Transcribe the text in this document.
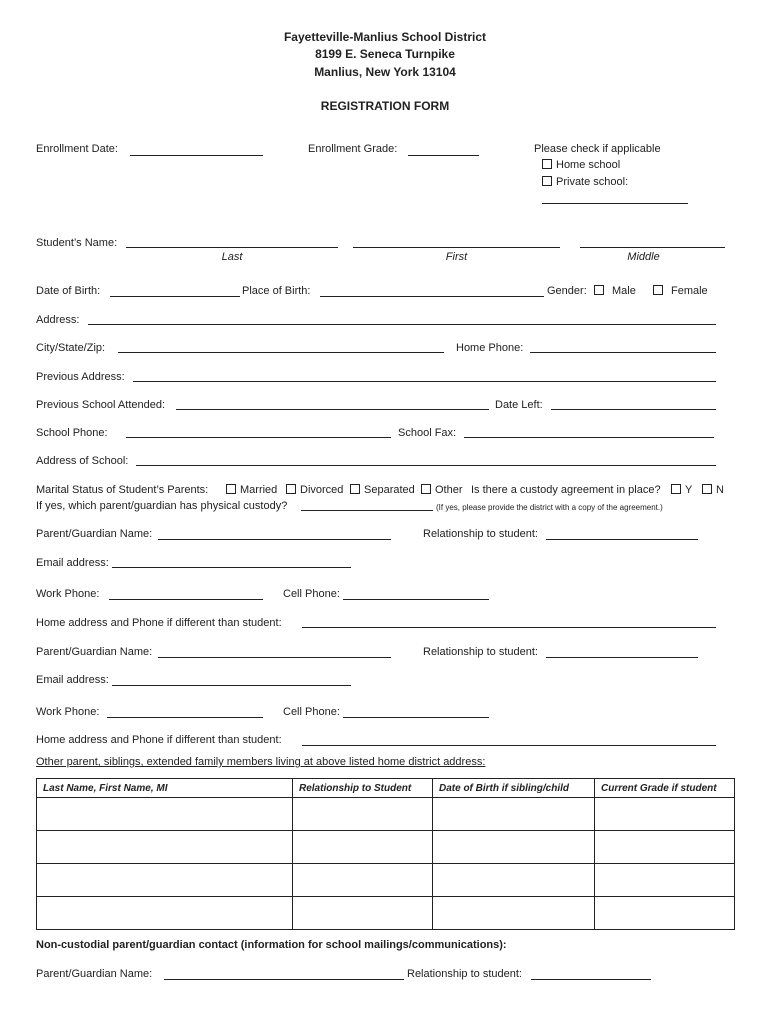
Fayetteville-Manlius School District
8199 E. Seneca Turnpike
Manlius, New York 13104
REGISTRATION FORM
Enrollment Date:	Enrollment Grade:	Please check if applicable
Home school
Private school:
Student’s Name:
Last	First	Middle
Date of Birth:	Place of Birth:	Gender:	Male	Female
Address:
City/State/Zip:	Home Phone:
Previous Address:
Previous School Attended:	Date Left:
School Phone:	School Fax:
Address of School:
Marital Status of Student’s Parents:	Married	Divorced	Separated	Other Is there a custody agreement in place?	Y	N
If yes, which parent/guardian has physical custody?	(If yes, please provide the district with a copy of the agreement.)
Parent/Guardian Name:	Relationship to student:
Email address:
Work Phone:	Cell Phone:
Home address and Phone if different than student:
Parent/Guardian Name:	Relationship to student:
Email address:
Work Phone:	Cell Phone:
Home address and Phone if different than student:
Other parent, siblings, extended family members living at above listed home district address:
Last Name, First Name, MI	Relationship to Student	Date of Birth if sibling/child	Current Grade if student

Non-custodial parent/guardian contact (information for school mailings/communications):
Parent/Guardian Name:	Relationship to student:
